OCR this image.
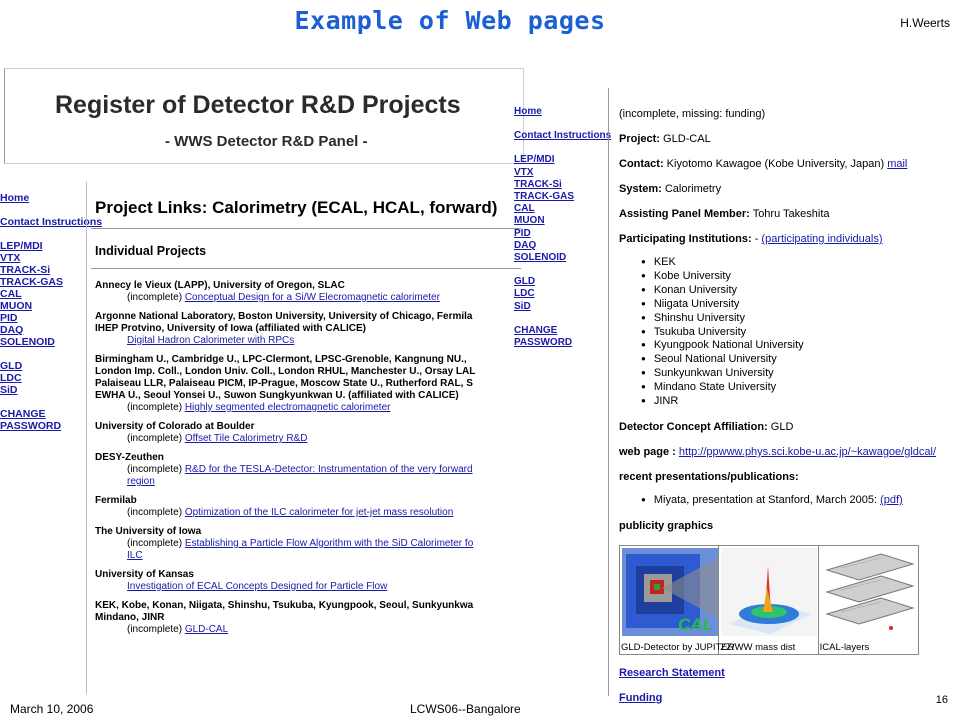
Example of Web pages	H.Weerts
Register of Detector R&D Projects
- WWS Detector R&D Panel -
Home
Contact Instructions
LEP/MDI
VTX
TRACK-Si
TRACK-GAS
CAL
MUON
PID
DAQ
SOLENOID
GLD
LDC
SiD
CHANGE
PASSWORD
Project Links: Calorimetry (ECAL, HCAL, forward)
Individual Projects
Annecy le Vieux (LAPP), University of Oregon, SLAC
(incomplete) Conceptual Design for a Si/W Elecromagnetic calorimeter
Argonne National Laboratory, Boston University, University of Chicago, Fermila
IHEP Protvino, University of Iowa (affiliated with CALICE)
Digital Hadron Calorimeter with RPCs
Birmingham U., Cambridge U., LPC-Clermont, LPSC-Grenoble, Kangnung NU.,
London Imp. Coll., London Univ. Coll., London RHUL, Manchester U., Orsay LAL
Palaiseau LLR, Palaiseau PICM, IP-Prague, Moscow State U., Rutherford RAL, S
EWHA U., Seoul Yonsei U., Suwon Sungkyunkwan U. (affiliated with CALICE)
(incomplete) Highly segmented electromagnetic calorimeter
University of Colorado at Boulder
(incomplete) Offset Tile Calorimetry R&D
DESY-Zeuthen
(incomplete) R&D for the TESLA-Detector: Instrumentation of the very forward
region
Fermilab
(incomplete) Optimization of the ILC calorimeter for jet-jet mass resolution
The University of Iowa
(incomplete) Establishing a Particle Flow Algorithm with the SiD Calorimeter fo
ILC
University of Kansas
Investigation of ECAL Concepts Designed for Particle Flow
KEK, Kobe, Konan, Niigata, Shinshu, Tsukuba, Kyungpook, Seoul, Sunkyunkwa
Mindano, JINR
(incomplete) GLD-CAL
Home
Contact Instructions
LEP/MDI
VTX
TRACK-Si
TRACK-GAS
CAL
MUON
PID
DAQ
SOLENOID
GLD
LDC
SiD
CHANGE
PASSWORD

(incomplete, missing: funding)

Project: GLD-CAL

Contact: Kiyotomo Kawagoe (Kobe University, Japan) mail

System: Calorimetry

Assisting Panel Member: Tohru Takeshita

Participating Institutions: - (participating individuals)

● KEK
● Kobe University
● Konan University
● Niigata University
● Shinshu University
● Tsukuba University
● Kyungpook National University
● Seoul National University
● Sunkyunkwan University
● Mindano State University
● JINR

Detector Concept Affiliation: GLD

web page : http://ppwww.phys.sci.kobe-u.ac.jp/~kawagoe/gldcal/

recent presentations/publications:

● Miyata, presentation at Stanford, March 2005: (pdf)

publicity graphics

CAL
GLD-Detector by JUPITER
ZZ/WW mass dist	ICAL-layers

Research Statement

Funding

March 10, 2006	LCWS06--Bangalore
16
